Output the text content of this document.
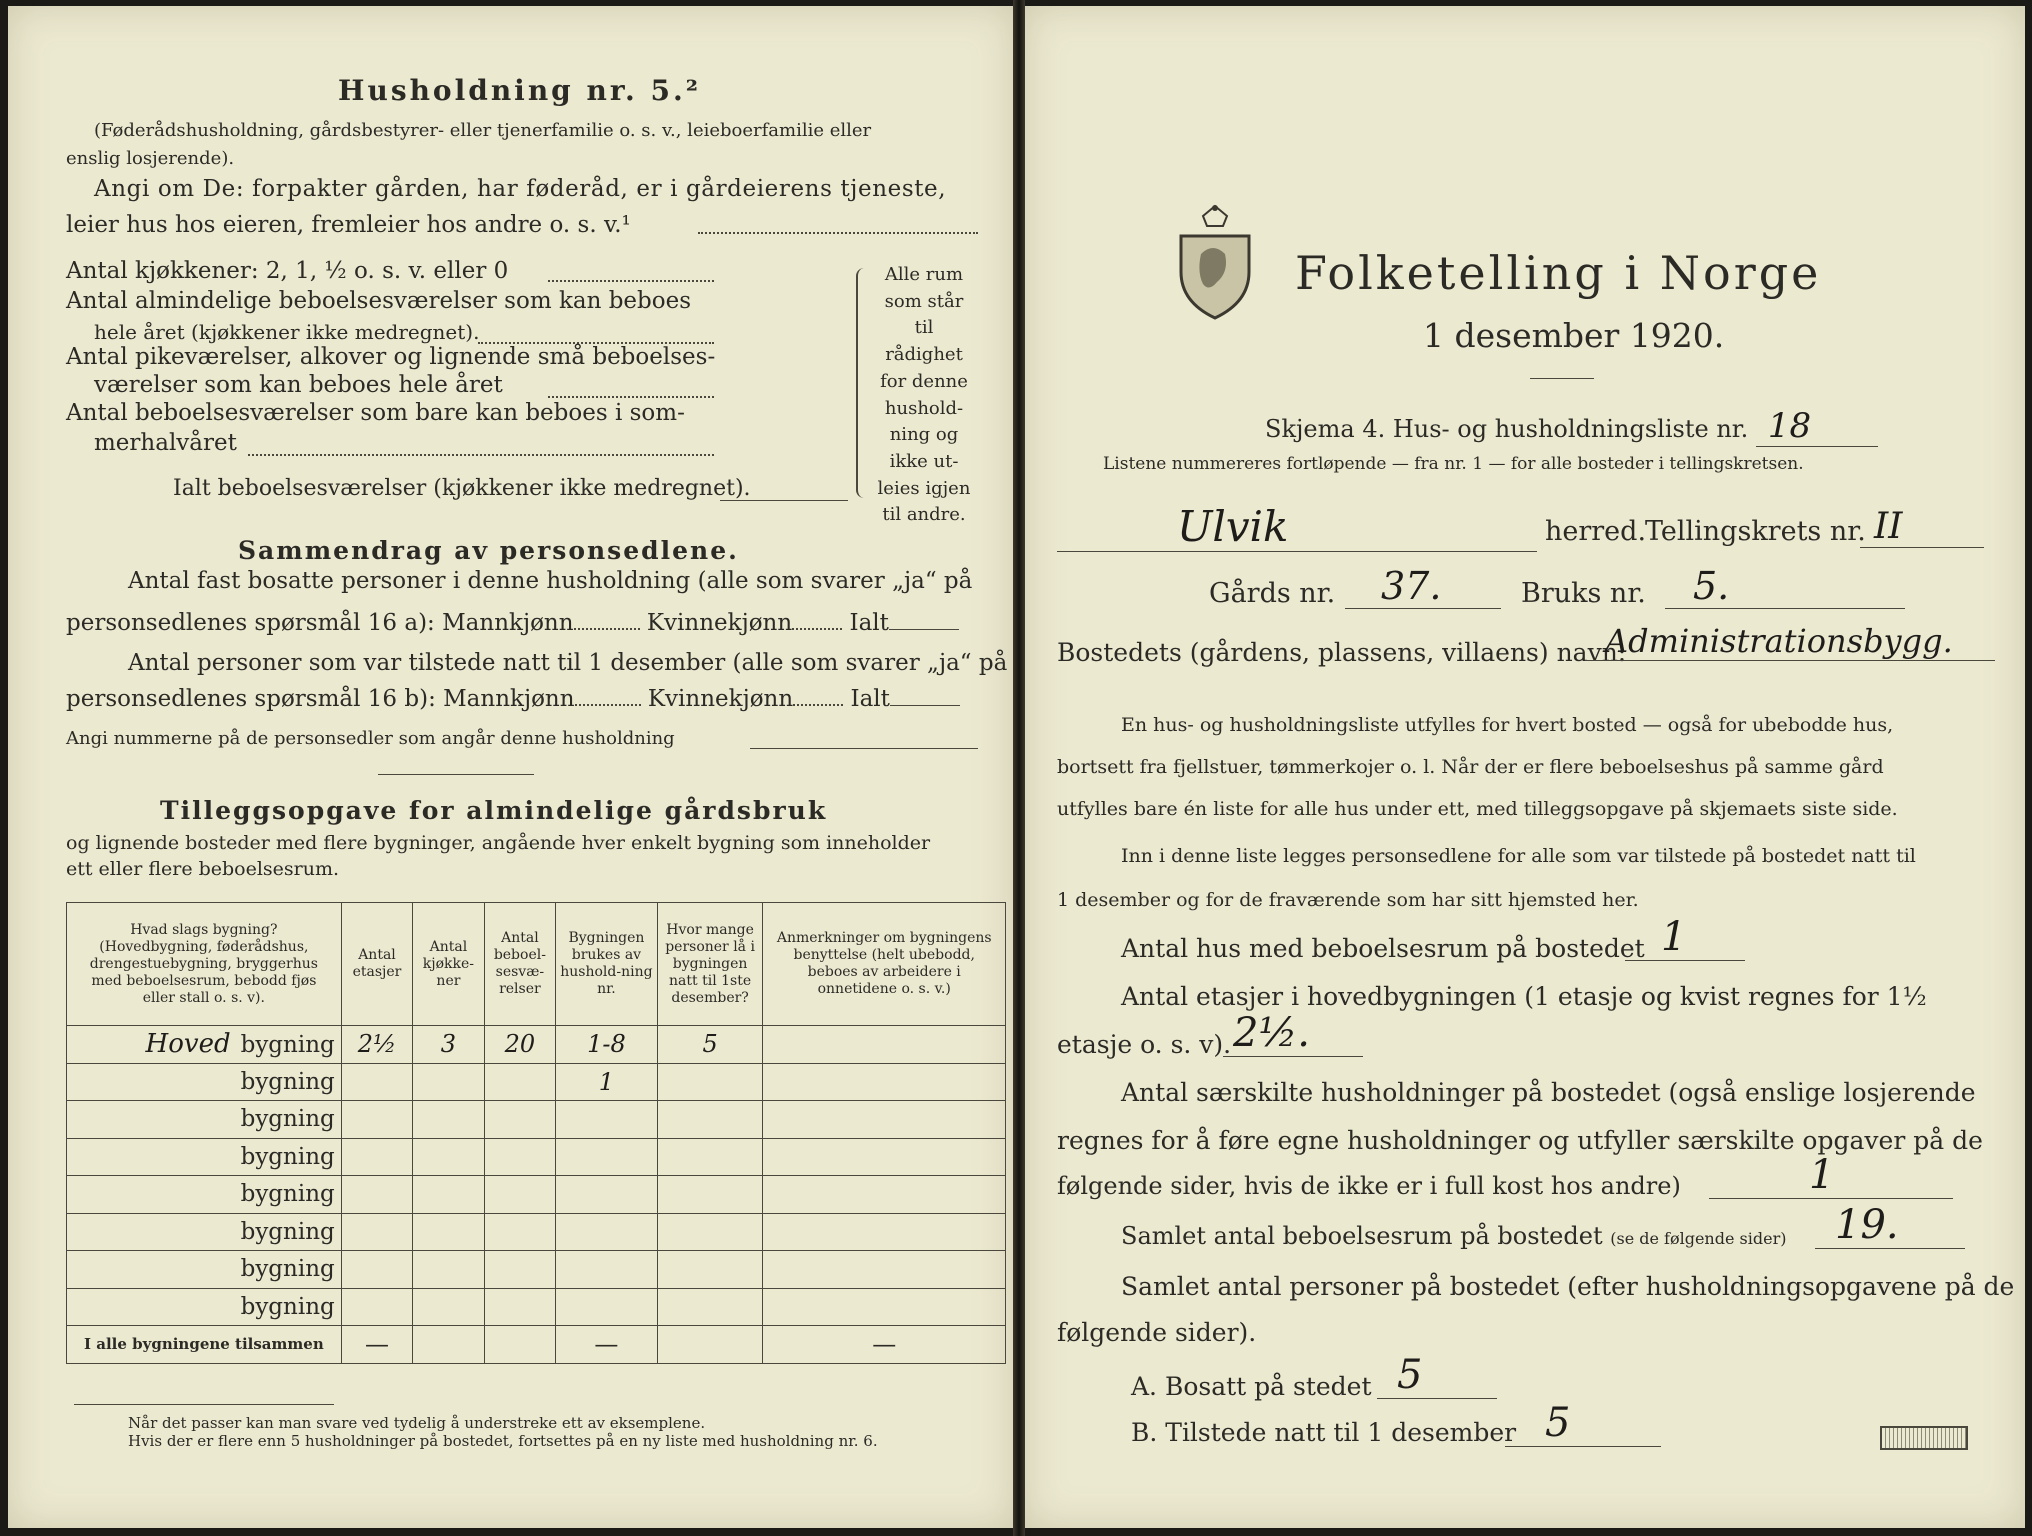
Husholdning nr. 5.²
(Føderådshusholdning, gårdsbestyrer- eller tjenerfamilie o. s. v., leieboerfamilie eller
enslig losjerende).
Angi om De: forpakter gården, har føderåd, er i gårdeierens tjeneste,
leier hus hos eieren, fremleier hos andre o. s. v.¹
Antal kjøkkener: 2, 1, ½ o. s. v. eller 0
Antal almindelige beboelsesværelser som kan beboes
hele året (kjøkkener ikke medregnet).
Antal pikeværelser, alkover og lignende små beboelses-
værelser som kan beboes hele året
Antal beboelsesværelser som bare kan beboes i som-
merhalvåret
Ialt beboelsesværelser (kjøkkener ikke medregnet).
Alle rum
som står til
rådighet
for denne
hushold-
ning og
ikke ut-
leies igjen
til andre.
Sammendrag av personsedlene.
Antal fast bosatte personer i denne husholdning (alle som svarer „ja“ på
personsedlenes spørsmål 16 a): Mannkjønn	Kvinnekjønn Ialt
Antal personer som var tilstede natt til 1 desember (alle som svarer „ja“ på
personsedlenes spørsmål 16 b): Mannkjønn	Kvinnekjønn Ialt
Angi nummerne på de personsedler som angår denne husholdning
Tilleggsopgave for almindelige gårdsbruk
og lignende bosteder med flere bygninger, angående hver enkelt bygning som inneholder
ett eller flere beboelsesrum.
Hvad slags bygning? (Hovedbygning, føderådshus, drengestuebygning, bryggerhus med beboelsesrum, bebodd fjøs eller stall o. s. v).	Antal etasjer	Antal kjøkke-ner	Antal beboel-sesvæ-relser	Bygningen brukes av hushold-ning nr.	Hvor mange personer lå i bygningen natt til 1ste desember?	Anmerkninger om bygningens benyttelse (helt ubebodd, beboes av arbeidere i onnetidene o. s. v.)

Hoved bygning	2½	3	20	1-8	5	
bygning				1		
bygning						
bygning						
bygning						
bygning						
bygning						
bygning						
I alle bygningene tilsammen	—			—		—
Når det passer kan man svare ved tydelig å understreke ett av eksemplene.
Hvis der er flere enn 5 husholdninger på bostedet, fortsettes på en ny liste med husholdning nr. 6.
Folketelling i Norge
1 desember 1920.
Skjema 4. Hus- og husholdningsliste nr. 18
Listene nummereres fortløpende — fra nr. 1 — for alle bosteder i tellingskretsen.
Ulvik	herred.
Tellingskrets nr. II
Gårds nr.	37.	Bruks nr.	5.
Bostedets (gårdens, plassens, villaens) navn:
Administrationsbygg.
En hus- og husholdningsliste utfylles for hvert bosted — også for ubebodde hus,
bortsett fra fjellstuer, tømmerkojer o. l. Når der er flere beboelseshus på samme gård
utfylles bare én liste for alle hus under ett, med tilleggsopgave på skjemaets siste side.
Inn i denne liste legges personsedlene for alle som var tilstede på bostedet natt til
1 desember og for de fraværende som har sitt hjemsted her.
Antal hus med beboelsesrum på bostedet 1
Antal etasjer i hovedbygningen (1 etasje og kvist regnes for 1½
etasje o. s. v). 2½.
Antal særskilte husholdninger på bostedet (også enslige losjerende
regnes for å føre egne husholdninger og utfyller særskilte opgaver på de
følgende sider, hvis de ikke er i full kost hos andre)	1
Samlet antal beboelsesrum på bostedet (se de følgende sider)	19.
Samlet antal personer på bostedet (efter husholdningsopgavene på de
følgende sider).
A. Bosatt på stedet 5
B. Tilstede natt til 1 desember 5
